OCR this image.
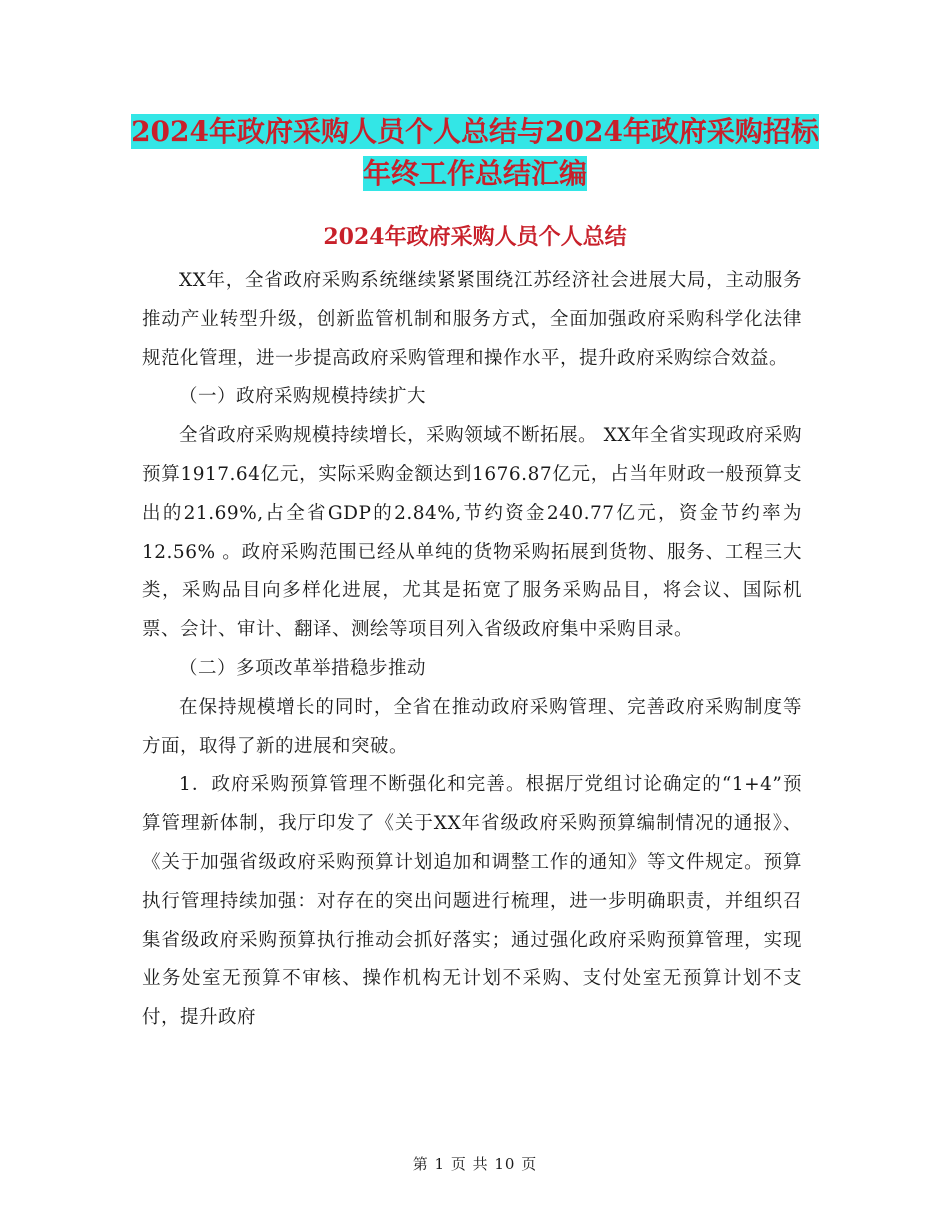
2024年政府采购人员个人总结与2024年政府采购招标
年终工作总结汇编
2024年政府采购人员个人总结

XX年，全省政府采购系统继续紧紧围绕江苏经济社会进展大局，主动服务推动产业转型升级，创新监管机制和服务方式，全面加强政府采购科学化法律规范化管理，进一步提高政府采购管理和操作水平，提升政府采购综合效益。

（一）政府采购规模持续扩大

全省政府采购规模持续增长，采购领域不断拓展。 XX年全省实现政府采购预算1917.64亿元，实际采购金额达到1676.87亿元，占当年财政一般预算支出的21.69%,占全省GDP的2.84%,节约资金240.77亿元，资金节约率为12.56% 。政府采购范围已经从单纯的货物采购拓展到货物、服务、工程三大类，采购品目向多样化进展，尤其是拓宽了服务采购品目，将会议、国际机票、会计、审计、翻译、测绘等项目列入省级政府集中采购目录。

（二）多项改革举措稳步推动

在保持规模增长的同时，全省在推动政府采购管理、完善政府采购制度等方面，取得了新的进展和突破。

1．政府采购预算管理不断强化和完善。根据厅党组讨论确定的“1+4”预算管理新体制，我厅印发了《关于XX年省级政府采购预算编制情况的通报》、《关于加强省级政府采购预算计划追加和调整工作的通知》等文件规定。预算执行管理持续加强：对存在的突出问题进行梳理，进一步明确职责，并组织召集省级政府采购预算执行推动会抓好落实；通过强化政府采购预算管理，实现业务处室无预算不审核、操作机构无计划不采购、支付处室无预算计划不支付，提升政府

第 1 页 共 10 页
